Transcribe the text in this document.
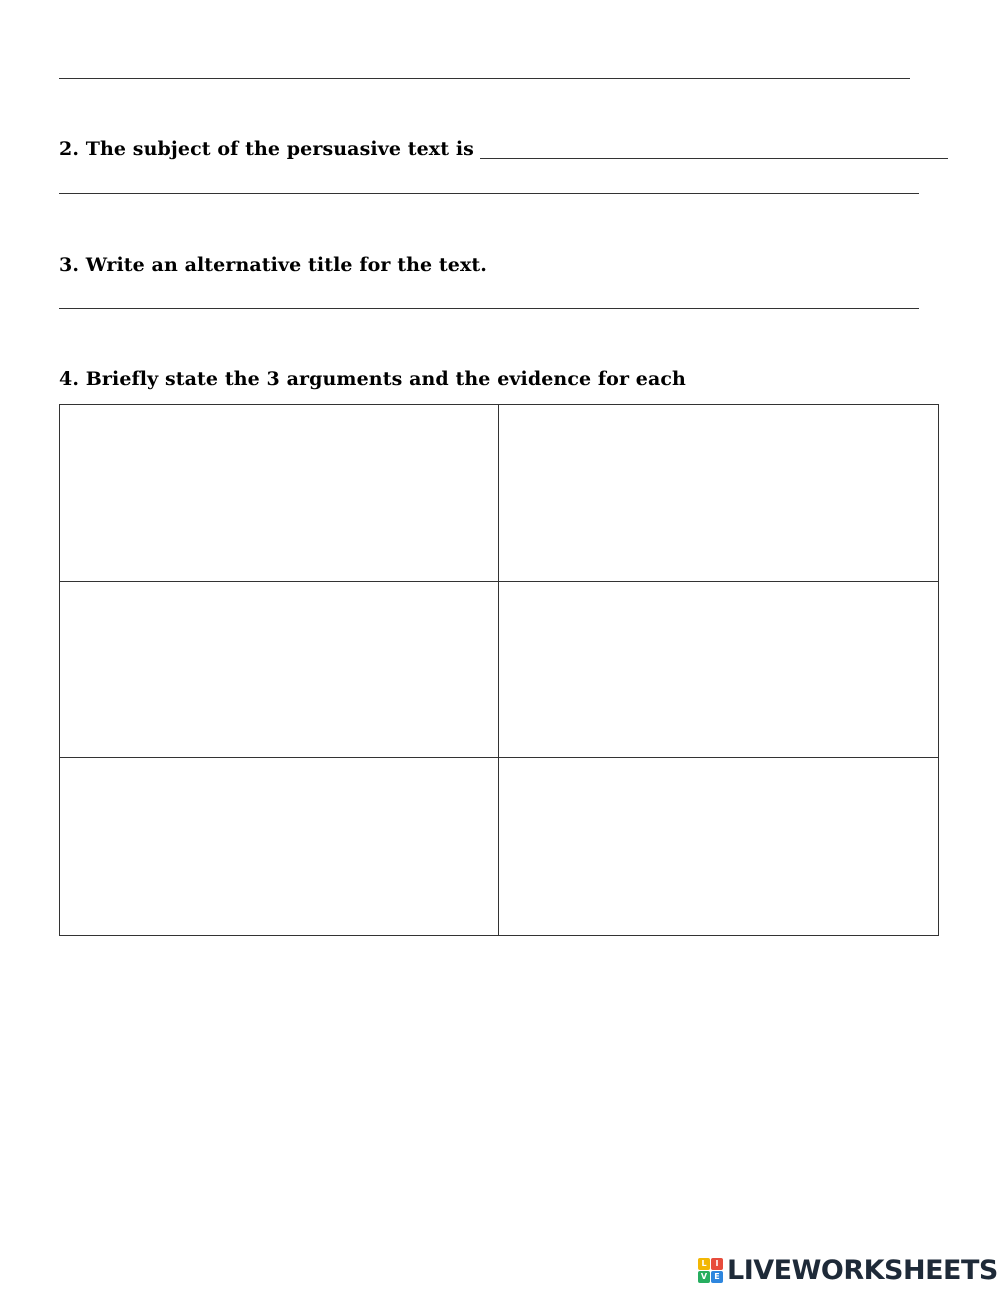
2. The subject of the persuasive text is

3. Write an alternative title for the text.

4. Briefly state the 3 arguments and the evidence for each

L	I
V E LIVEWORKSHEETS
